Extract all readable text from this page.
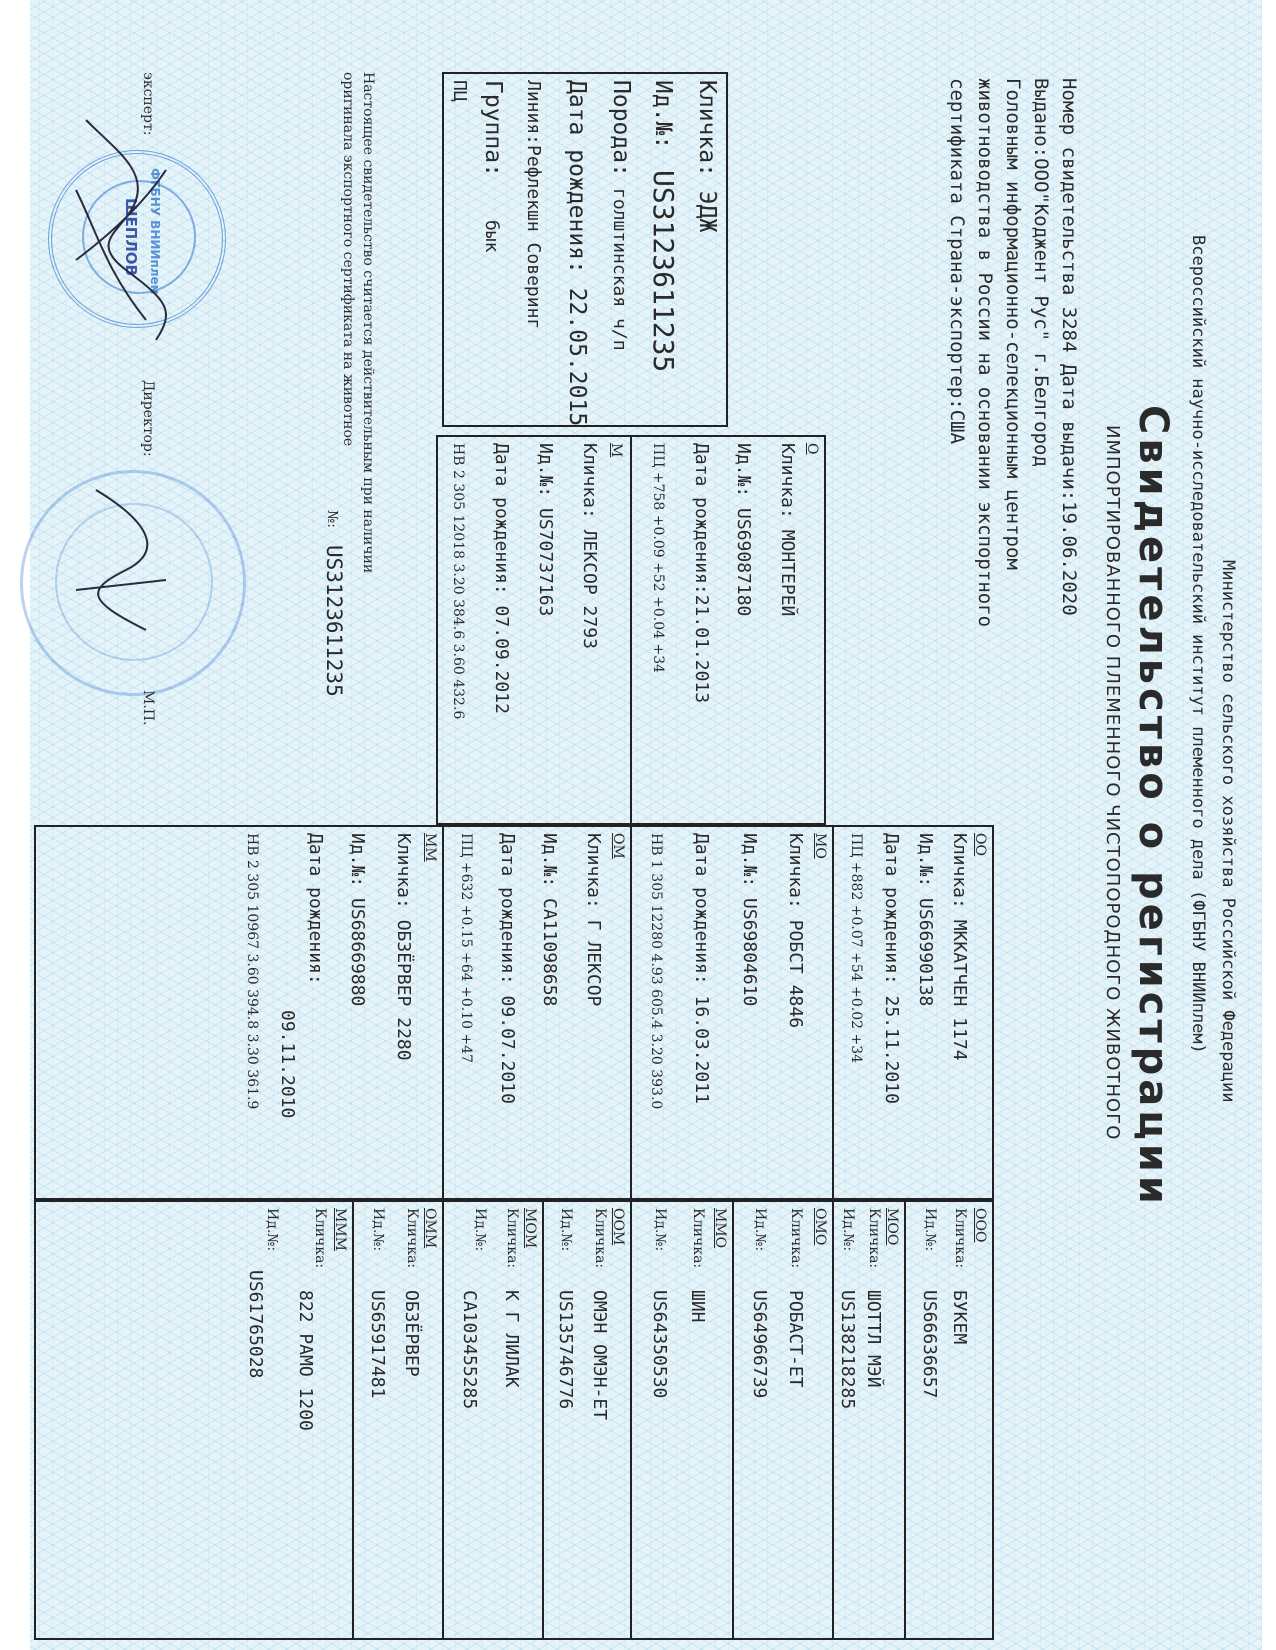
Министерство сельского хозяйства Российской Федерации
Всероссийский научно-исследовательский институт племенного дела (ФГБНУ ВНИИплем)
Свидетельство о регистрации
ИМПОРТИРОВАННОГО ПЛЕМЕННОГО ЧИСТОПОРОДНОГО ЖИВОТНОГО
Номер свидетельства 3284 Дата выдачи:19.06.2020
Выдано:ООО"Коджент Рус" г.Белгород
Головным информационно-селекционным центром
животноводства в России на основании экспортного
сертификата Страна-экспортер:США
Кличка: ЭДЖ
Ид.№:
US3123611235
Порода:
голштинская ч/п
Дата рождения: 22.05.2015
Линия:Рефлекшн Соверинг
Группа:
бык
ПЦ
О
Кличка: МОНТЕРЕЙ
Ид.№: US69087180
Дата рождения:21.01.2013
ПЦ +758 +0.09 +52 +0.04 +34
М
Кличка: ЛЕКСОР 2793
Ид.№: US70737163
Дата рождения: 07.09.2012
НВ 2 305 12018 3.20 384.6 3.60 432.6
ОО
Кличка: МККАТЧЕН 1174
Ид.№: US66990138
Дата рождения: 25.11.2010
ПЦ +882 +0.07 +54 +0.02 +34
МО
Кличка: РОБСТ 4846
Ид.№: US69804610
Дата рождения: 16.03.2011
НВ 1 305 12280 4.93 605.4 3.20 393.0
ОМ
Кличка: Г ЛЕКСОР
Ид.№: CA11098658
Дата рождения: 09.07.2010
ПЦ +632 +0.15 +64 +0.10 +47
ММ
Кличка: ОБЗЁРВЕР 2280
Ид.№: US68669880
Дата рождения:
09.11.2010
НВ 2 305 10967 3.60 394.8 3.30 361.9
ООО
Кличка:
БУКЕМ
Ид.№:
US66636657
МОО
Кличка:
ШОТТЛ МЭЙ
Ид.№:
US138218285
ОМО
Кличка:
РОБАСТ-ЕТ
Ид.№:
US64966739
ММО
Кличка:
ШИН
Ид.№:
US64350530
ООМ
Кличка:
ОМЭН ОМЭН-ЕТ
Ид.№:
US135746776
МОМ
Кличка:
К Г ЛИЛАК
Ид.№:
CA103455285
ОММ
Кличка:
ОБЗЁРВЕР
Ид.№:
US65917481
МММ
Кличка:
822 РАМО 1200
Ид.№:
US61765028
Настоящее свидетельство считается действительным при наличии
оригинала экспортного сертификата на животное
№:
US3123611235
эксперт:
Директор:
М.П.
ФГБНУ ВНИИплем
ШЕПЛОВ
